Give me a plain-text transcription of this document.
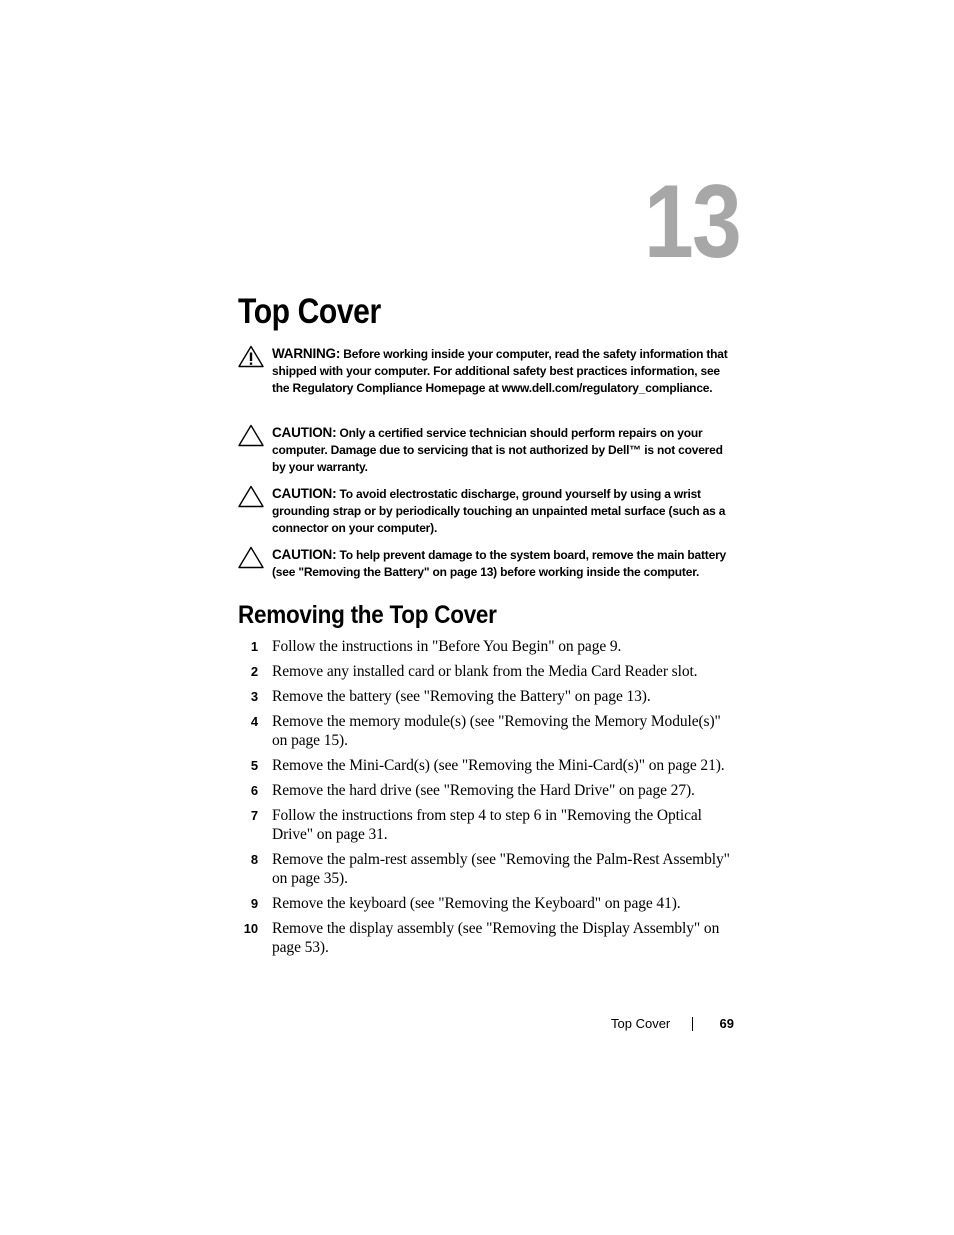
13
Top Cover
WARNING: Before working inside your computer, read the safety information that shipped with your computer. For additional safety best practices information, see the Regulatory Compliance Homepage at www.dell.com/regulatory_compliance.
CAUTION: Only a certified service technician should perform repairs on your computer. Damage due to servicing that is not authorized by Dell™ is not covered by your warranty.
CAUTION: To avoid electrostatic discharge, ground yourself by using a wrist grounding strap or by periodically touching an unpainted metal surface (such as a connector on your computer).
CAUTION: To help prevent damage to the system board, remove the main battery (see "Removing the Battery" on page 13) before working inside the computer.
Removing the Top Cover
1 Follow the instructions in "Before You Begin" on page 9.
2 Remove any installed card or blank from the Media Card Reader slot.
3 Remove the battery (see "Removing the Battery" on page 13).
4 Remove the memory module(s) (see "Removing the Memory Module(s)" on page 15).
5 Remove the Mini-Card(s) (see "Removing the Mini-Card(s)" on page 21).
6 Remove the hard drive (see "Removing the Hard Drive" on page 27).
7 Follow the instructions from step 4 to step 6 in "Removing the Optical Drive" on page 31.
8 Remove the palm-rest assembly (see "Removing the Palm-Rest Assembly" on page 35).
9 Remove the keyboard (see "Removing the Keyboard" on page 41).
10 Remove the display assembly (see "Removing the Display Assembly" on page 53).
Top Cover	69
